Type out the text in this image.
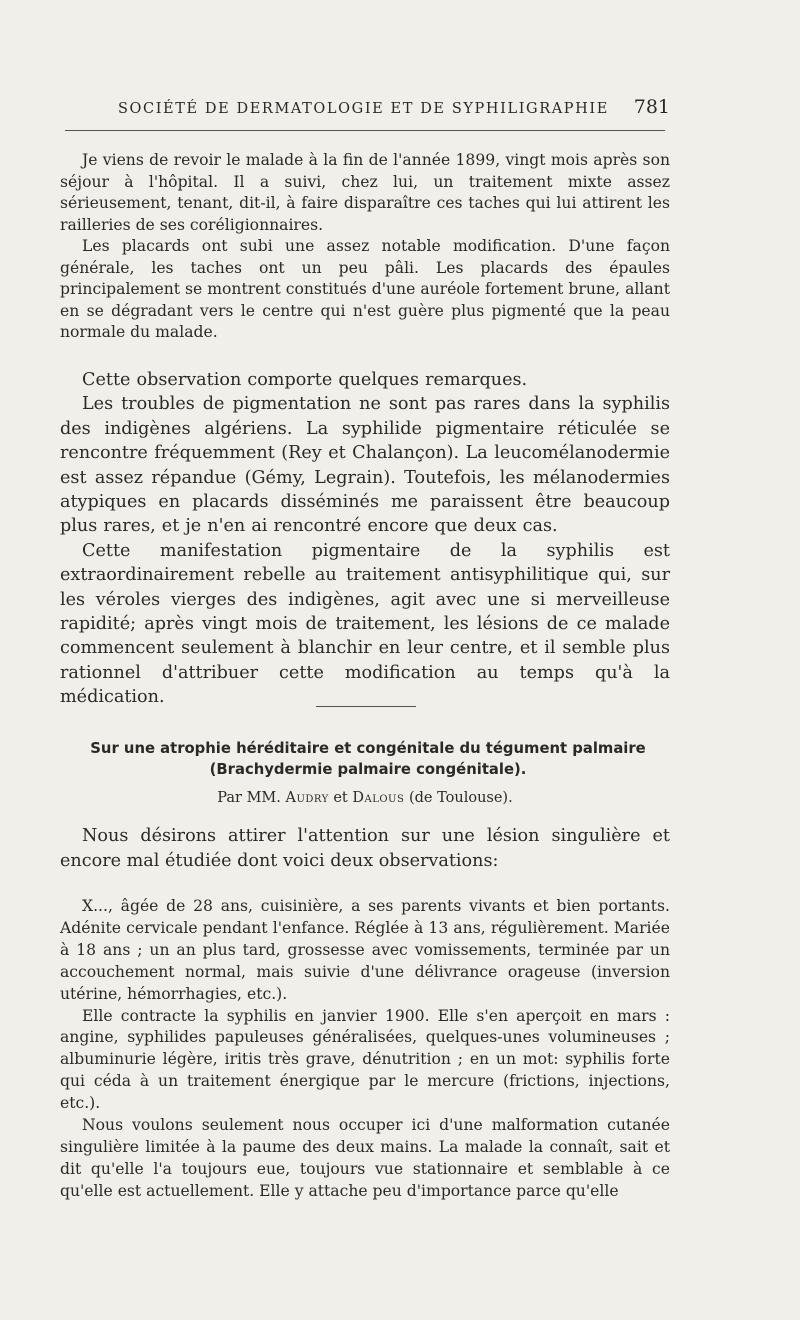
SOCIÉTÉ DE DERMATOLOGIE ET DE SYPHILIGRAPHIE 781

Je viens de revoir le malade à la fin de l'année 1899, vingt mois après son séjour à l'hôpital. Il a suivi, chez lui, un traitement mixte assez sérieusement, tenant, dit-il, à faire disparaître ces taches qui lui attirent les railleries de ses coréligionnaires.

Les placards ont subi une assez notable modification. D'une façon générale, les taches ont un peu pâli. Les placards des épaules principalement se montrent constitués d'une auréole fortement brune, allant en se dégradant vers le centre qui n'est guère plus pigmenté que la peau normale du malade.

Cette observation comporte quelques remarques.

Les troubles de pigmentation ne sont pas rares dans la syphilis des indigènes algériens. La syphilide pigmentaire réticulée se rencontre fréquemment (Rey et Chalançon). La leucomélanodermie est assez répandue (Gémy, Legrain). Toutefois, les mélanodermies atypiques en placards disséminés me paraissent être beaucoup plus rares, et je n'en ai rencontré encore que deux cas.

Cette manifestation pigmentaire de la syphilis est extraordinairement rebelle au traitement antisyphilitique qui, sur les véroles vierges des indigènes, agit avec une si merveilleuse rapidité; après vingt mois de traitement, les lésions de ce malade commencent seulement à blanchir en leur centre, et il semble plus rationnel d'attribuer cette modification au temps qu'à la médication.

Sur une atrophie héréditaire et congénitale du tégument palmaire
(Brachydermie palmaire congénitale).

Par MM. Audry et Dalous (de Toulouse).

Nous désirons attirer l'attention sur une lésion singulière et encore mal étudiée dont voici deux observations:

X..., âgée de 28 ans, cuisinière, a ses parents vivants et bien portants. Adénite cervicale pendant l'enfance. Réglée à 13 ans, régulièrement. Mariée à 18 ans ; un an plus tard, grossesse avec vomissements, terminée par un accouchement normal, mais suivie d'une délivrance orageuse (inversion utérine, hémorrhagies, etc.).

Elle contracte la syphilis en janvier 1900. Elle s'en aperçoit en mars : angine, syphilides papuleuses généralisées, quelques-unes volumineuses ; albuminurie légère, iritis très grave, dénutrition ; en un mot: syphilis forte qui céda à un traitement énergique par le mercure (frictions, injections, etc.).

Nous voulons seulement nous occuper ici d'une malformation cutanée singulière limitée à la paume des deux mains. La malade la connaît, sait et dit qu'elle l'a toujours eue, toujours vue stationnaire et semblable à ce qu'elle est actuellement. Elle y attache peu d'importance parce qu'elle
